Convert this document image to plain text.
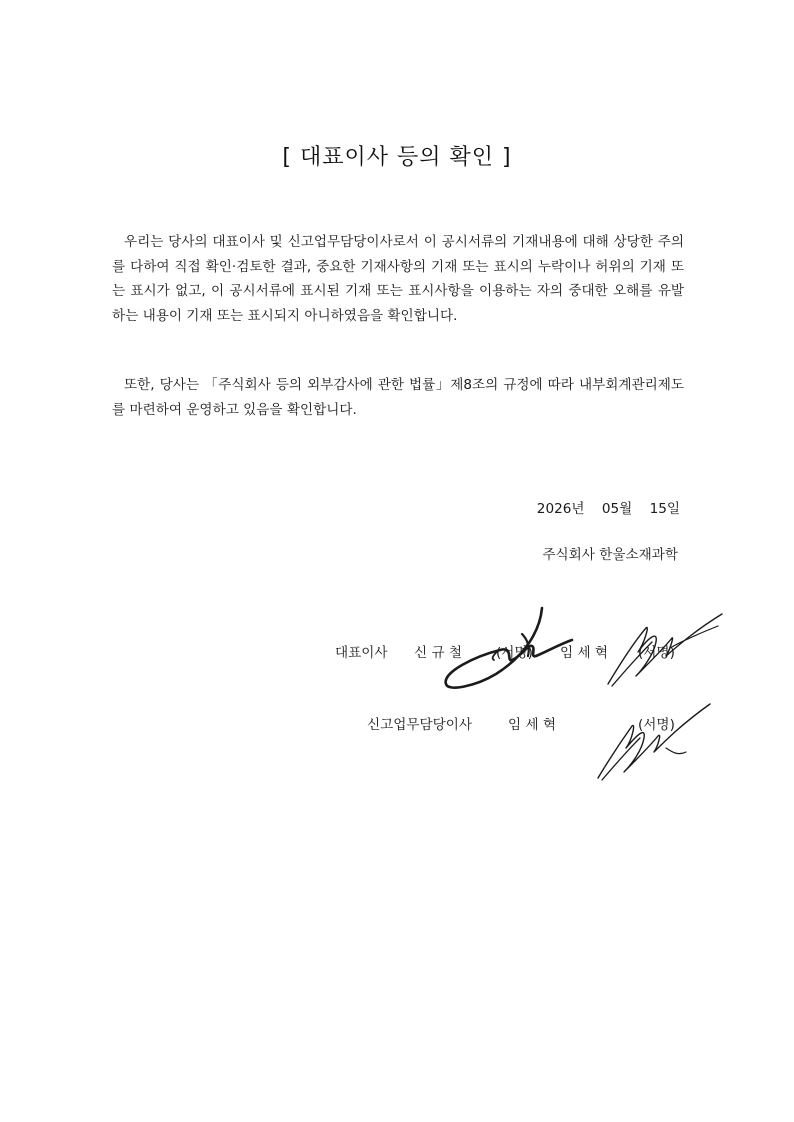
[ 대표이사 등의 확인 ]

우리는 당사의 대표이사 및 신고업무담당이사로서 이 공시서류의 기재내용에 대해 상당한 주의를 다하여 직접 확인·검토한 결과, 중요한 기재사항의 기재 또는 표시의 누락이나 허위의 기재 또는 표시가 없고, 이 공시서류에 표시된 기재 또는 표시사항을 이용하는 자의 중대한 오해를 유발하는 내용이 기재 또는 표시되지 아니하였음을 확인합니다.

또한, 당사는 「주식회사 등의 외부감사에 관한 법률」제8조의 규정에 따라 내부회계관리제도를 마련하여 운영하고 있음을 확인합니다.

2026년 05월 15일
주식회사 한울소재과학
대표이사 신 규 철 (서명) 임 세 혁 (서명)
신고업무담당이사	임 세 혁	(서명)
